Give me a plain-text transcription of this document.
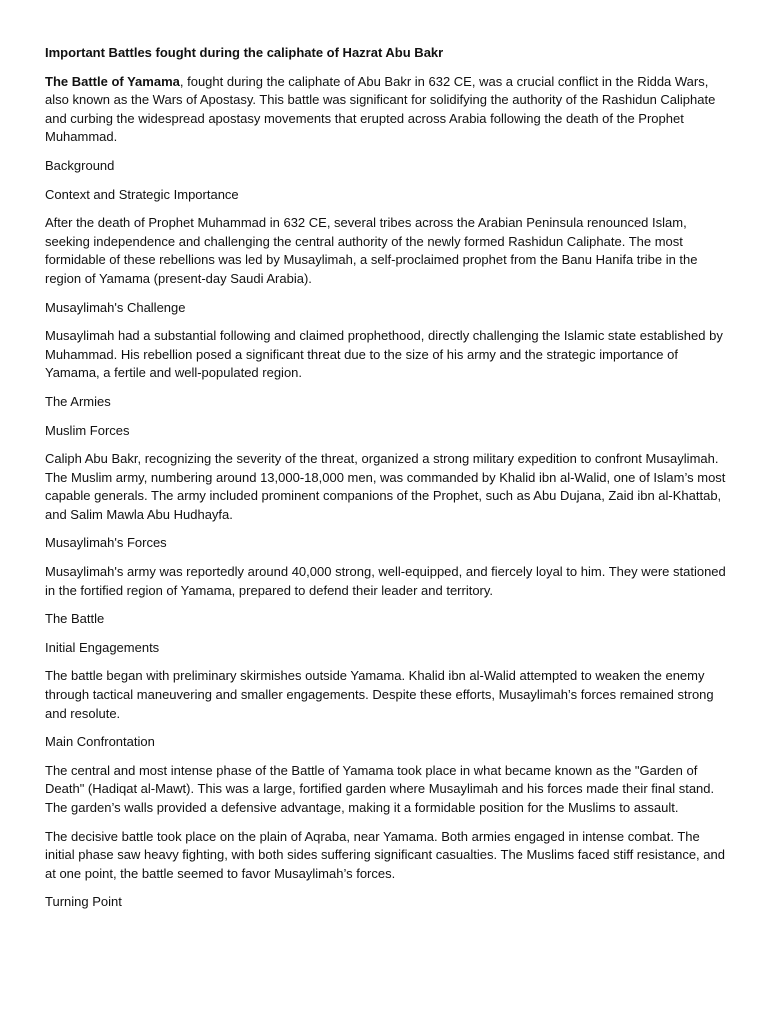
Important Battles fought during the caliphate of Hazrat Abu Bakr

The Battle of Yamama, fought during the caliphate of Abu Bakr in 632 CE, was a crucial conflict in the Ridda Wars, also known as the Wars of Apostasy. This battle was significant for solidifying the authority of the Rashidun Caliphate and curbing the widespread apostasy movements that erupted across Arabia following the death of the Prophet Muhammad.

Background
Context and Strategic Importance

After the death of Prophet Muhammad in 632 CE, several tribes across the Arabian Peninsula renounced Islam, seeking independence and challenging the central authority of the newly formed Rashidun Caliphate. The most formidable of these rebellions was led by Musaylimah, a self-proclaimed prophet from the Banu Hanifa tribe in the region of Yamama (present-day Saudi Arabia).

Musaylimah's Challenge

Musaylimah had a substantial following and claimed prophethood, directly challenging the Islamic state established by Muhammad. His rebellion posed a significant threat due to the size of his army and the strategic importance of Yamama, a fertile and well-populated region.

The Armies
Muslim Forces

Caliph Abu Bakr, recognizing the severity of the threat, organized a strong military expedition to confront Musaylimah. The Muslim army, numbering around 13,000-18,000 men, was commanded by Khalid ibn al-Walid, one of Islam’s most capable generals. The army included prominent companions of the Prophet, such as Abu Dujana, Zaid ibn al-Khattab, and Salim Mawla Abu Hudhayfa.

Musaylimah's Forces

Musaylimah's army was reportedly around 40,000 strong, well-equipped, and fiercely loyal to him. They were stationed in the fortified region of Yamama, prepared to defend their leader and territory.

The Battle
Initial Engagements

The battle began with preliminary skirmishes outside Yamama. Khalid ibn al-Walid attempted to weaken the enemy through tactical maneuvering and smaller engagements. Despite these efforts, Musaylimah’s forces remained strong and resolute.

Main Confrontation

The central and most intense phase of the Battle of Yamama took place in what became known as the "Garden of Death" (Hadiqat al-Mawt). This was a large, fortified garden where Musaylimah and his forces made their final stand. The garden’s walls provided a defensive advantage, making it a formidable position for the Muslims to assault.

The decisive battle took place on the plain of Aqraba, near Yamama. Both armies engaged in intense combat. The initial phase saw heavy fighting, with both sides suffering significant casualties. The Muslims faced stiff resistance, and at one point, the battle seemed to favor Musaylimah’s forces.

Turning Point
